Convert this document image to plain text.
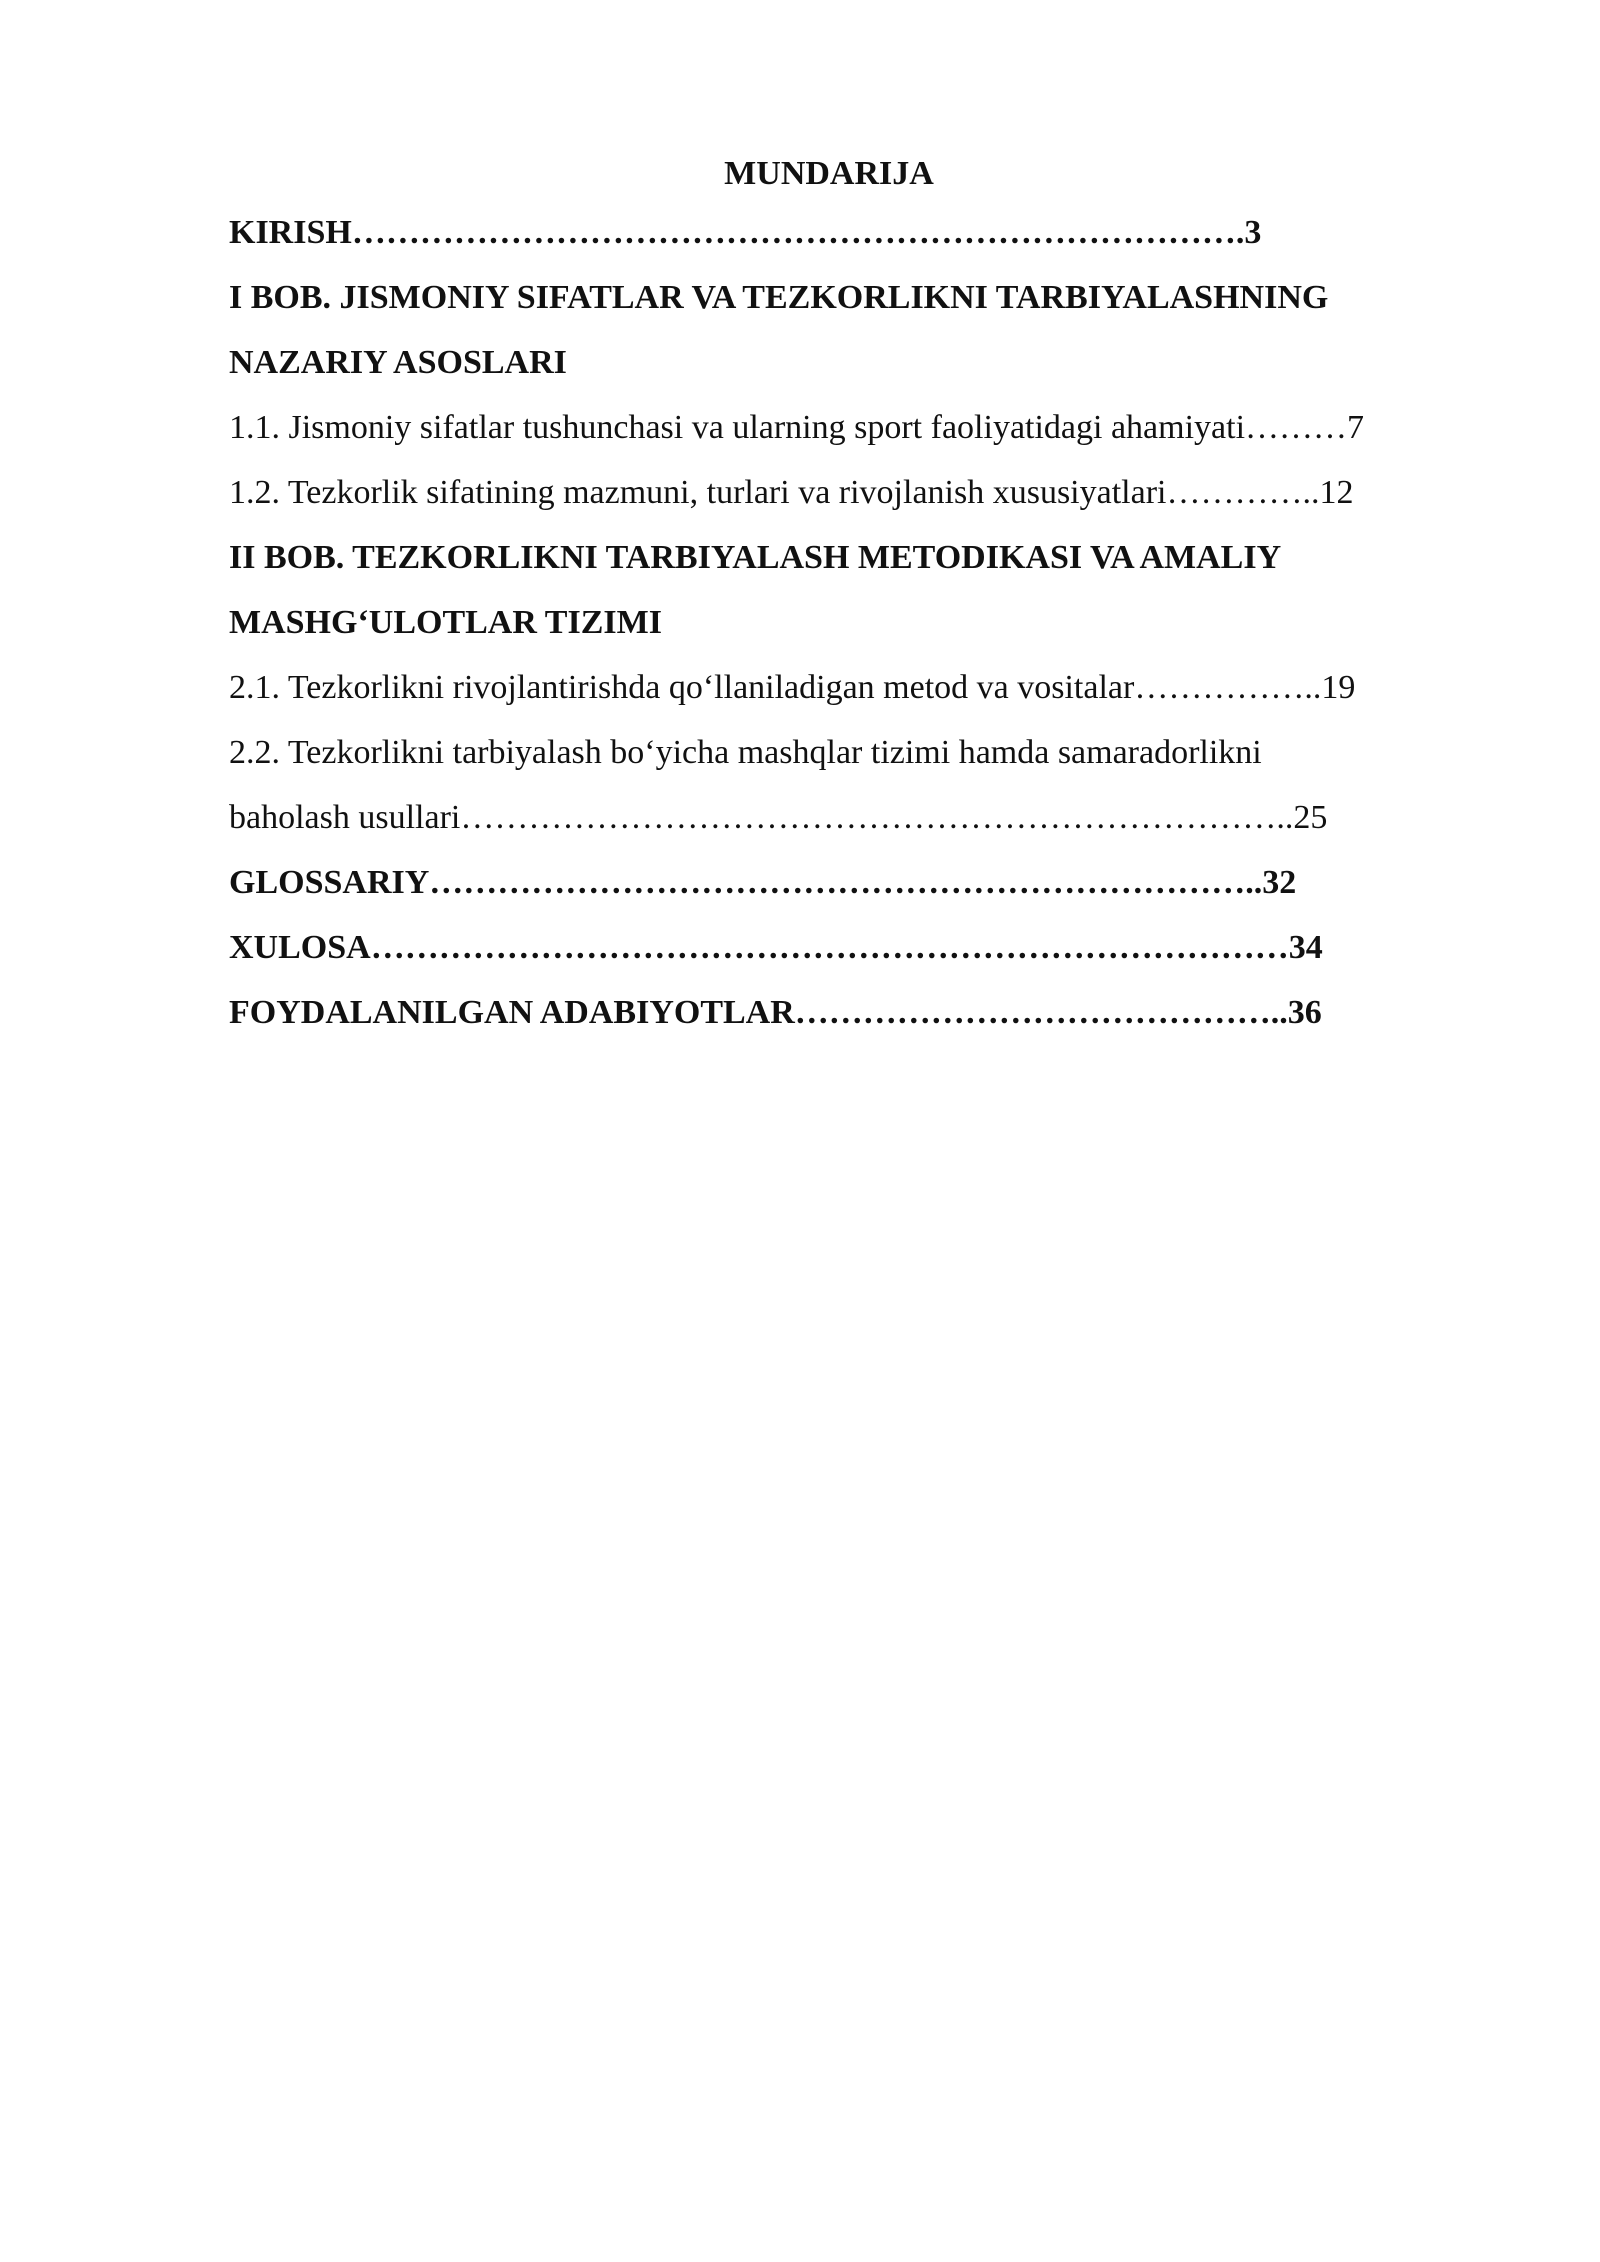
MUNDARIJA
KIRISH…………………………………………………………………….3
I BOB. JISMONIY SIFATLAR VA TEZKORLIKNI TARBIYALASHNING
NAZARIY ASOSLARI
1.1. Jismoniy sifatlar tushunchasi va ularning sport faoliyatidagi ahamiyati………7
1.2. Tezkorlik sifatining mazmuni, turlari va rivojlanish xususiyatlari…………..12
II BOB. TEZKORLIKNI TARBIYALASH METODIKASI VA AMALIY
MASHG‘ULOTLAR TIZIMI
2.1. Tezkorlikni rivojlantirishda qo‘llaniladigan metod va vositalar……………..19
2.2. Tezkorlikni tarbiyalash bo‘yicha mashqlar tizimi hamda samaradorlikni
baholash usullari………………………………………………………………..25
GLOSSARIY………………………………………………………………..32
XULOSA………………………………………………………………………34
FOYDALANILGAN ADABIYOTLAR……………………………………..36
